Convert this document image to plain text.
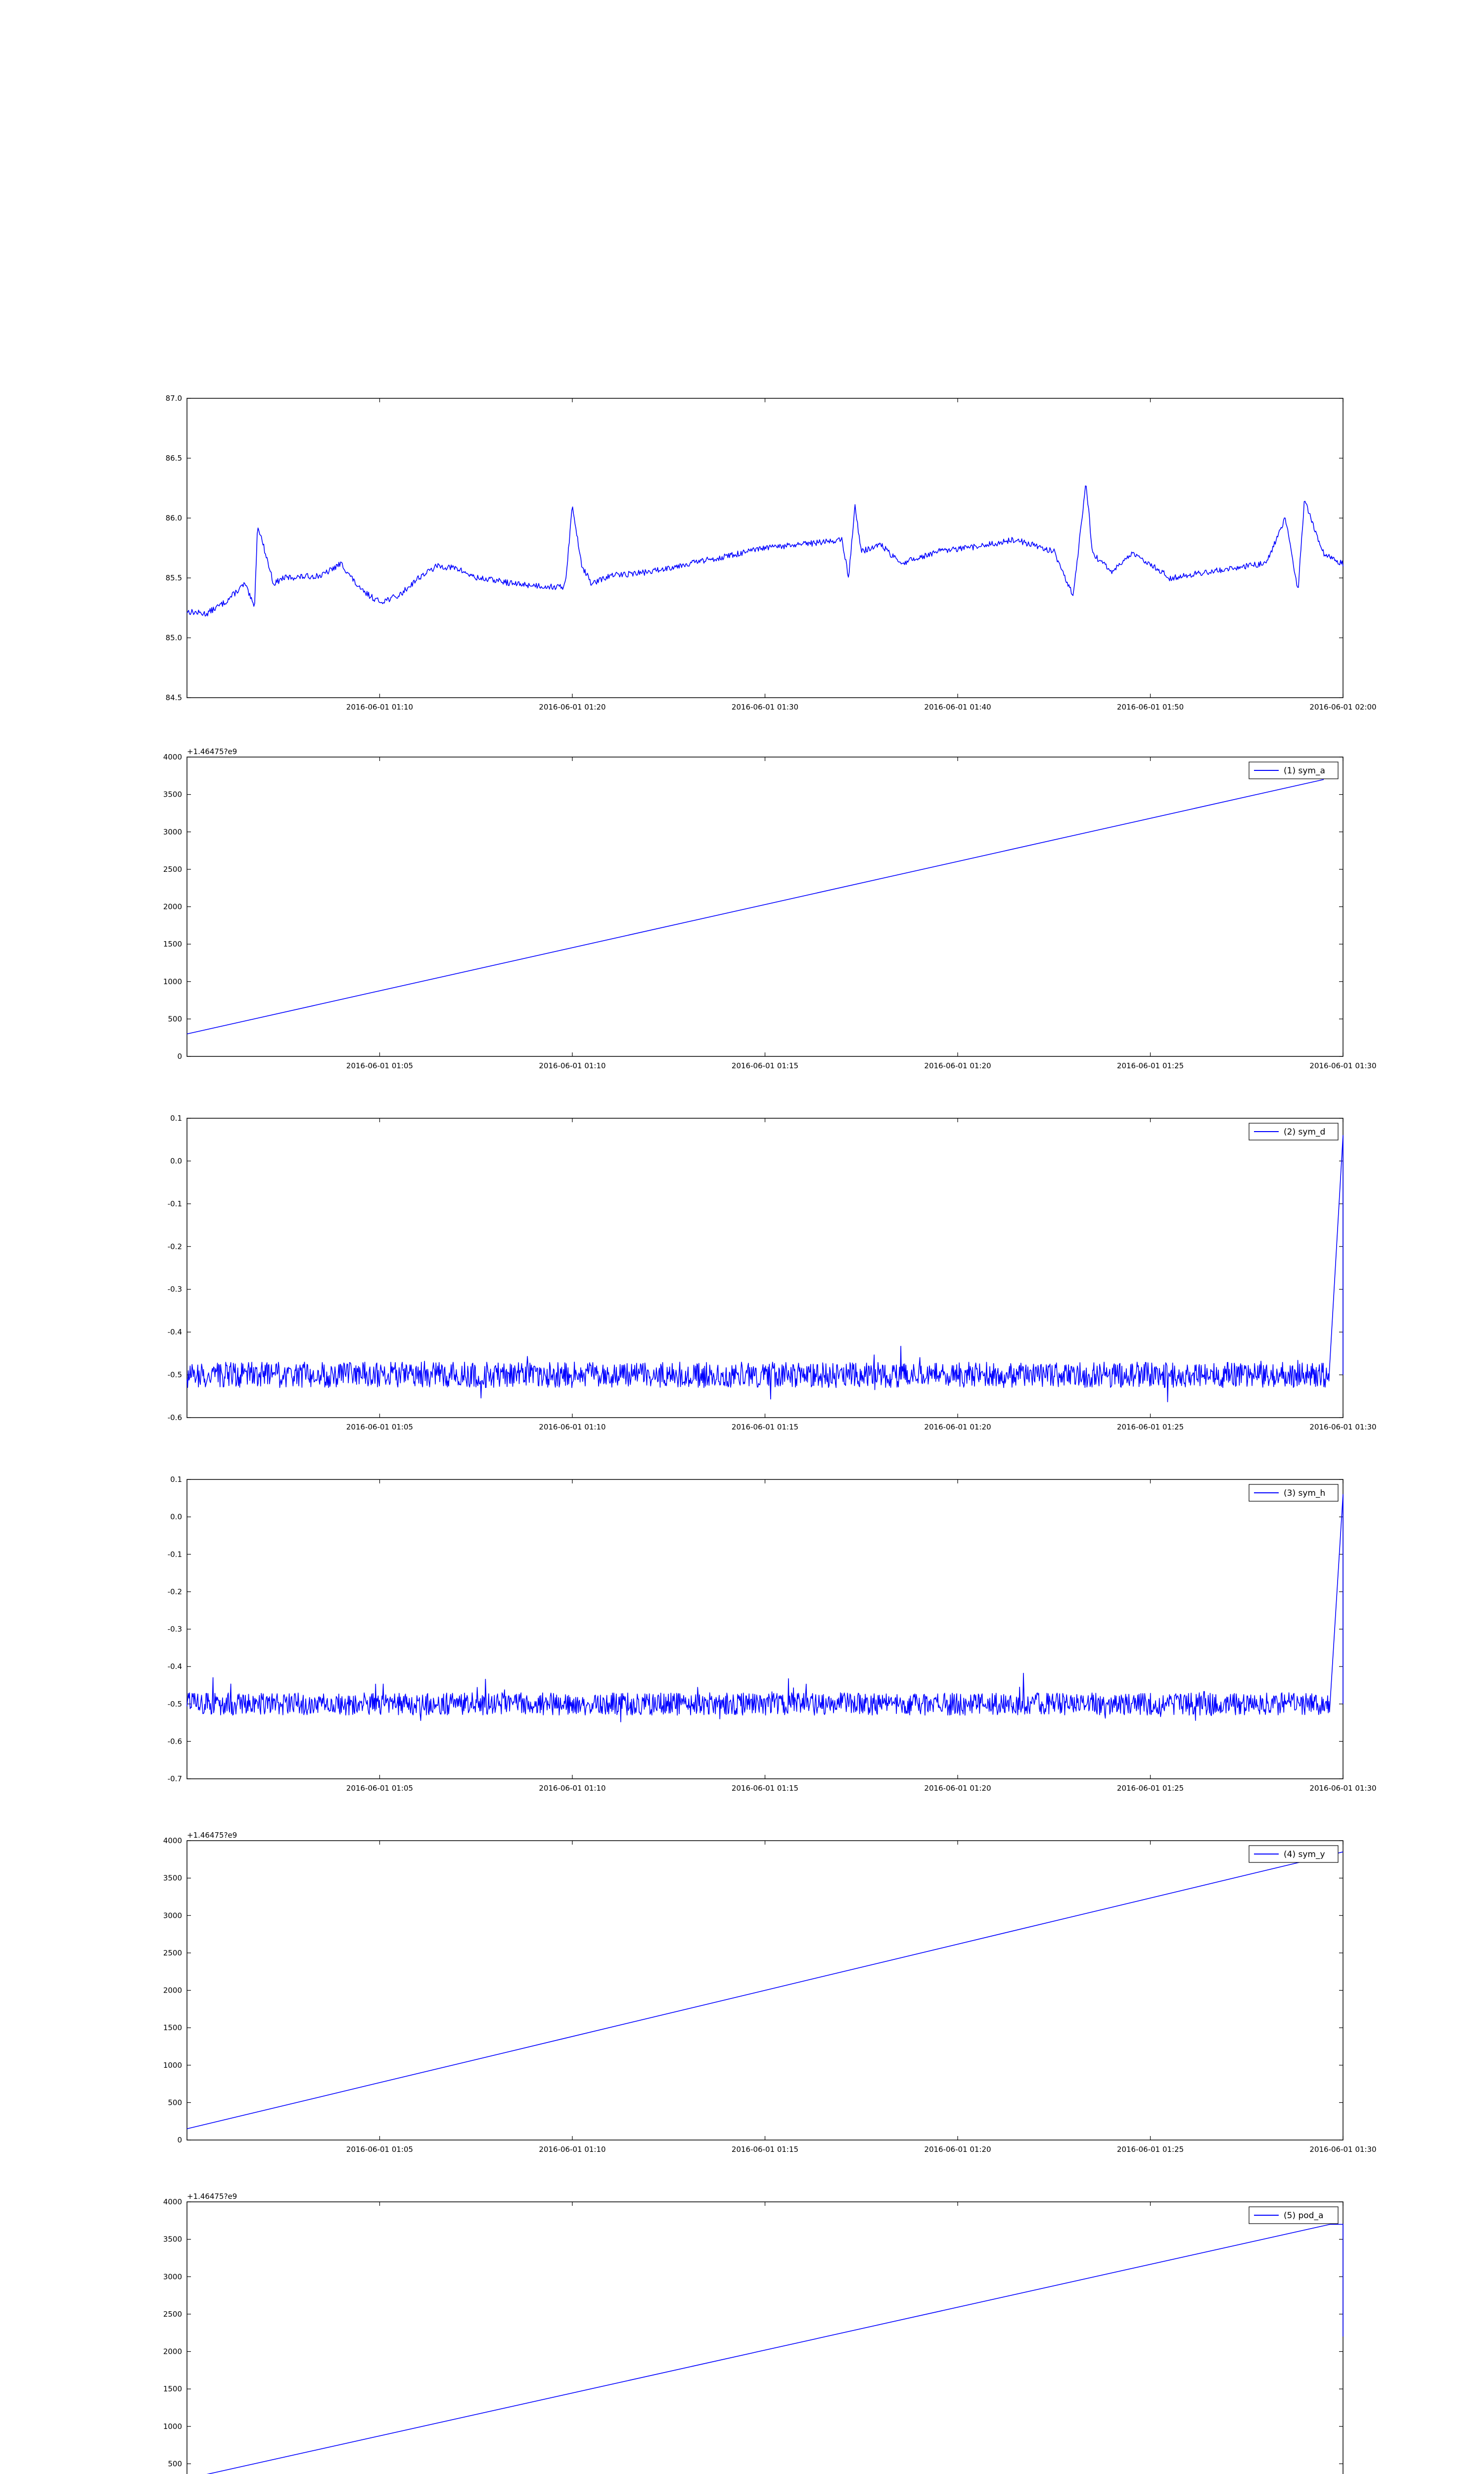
84.5
85.0
85.5
86.0
86.5
87.0
2016-06-01 01:10	2016-06-01 01:20	2016-06-01 01:30	2016-06-01 01:40	2016-06-01 01:50	2016-06-01 02:00
0
500
1000
1500
2000
2500
3000
3500
4000
2016-06-01 01:05	2016-06-01 01:10	2016-06-01 01:15	2016-06-01 01:20	2016-06-01 01:25	2016-06-01 01:30
+1.46475?e9
(1) sym_a
-0.6
-0.5
-0.4
-0.3
-0.2
-0.1
0.0
0.1
2016-06-01 01:05	2016-06-01 01:10	2016-06-01 01:15	2016-06-01 01:20	2016-06-01 01:25	2016-06-01 01:30
(2) sym_d
-0.7
-0.6
-0.5
-0.4
-0.3
-0.2
-0.1
0.0
0.1
2016-06-01 01:05	2016-06-01 01:10	2016-06-01 01:15	2016-06-01 01:20	2016-06-01 01:25	2016-06-01 01:30
(3) sym_h
0
500
1000
1500
2000
2500
3000
3500
4000
2016-06-01 01:05	2016-06-01 01:10	2016-06-01 01:15	2016-06-01 01:20	2016-06-01 01:25	2016-06-01 01:30
+1.46475?e9
(4) sym_y
500
1000
1500
2000
2500
3000
3500
4000
+1.46475?e9
(5) pod_a
